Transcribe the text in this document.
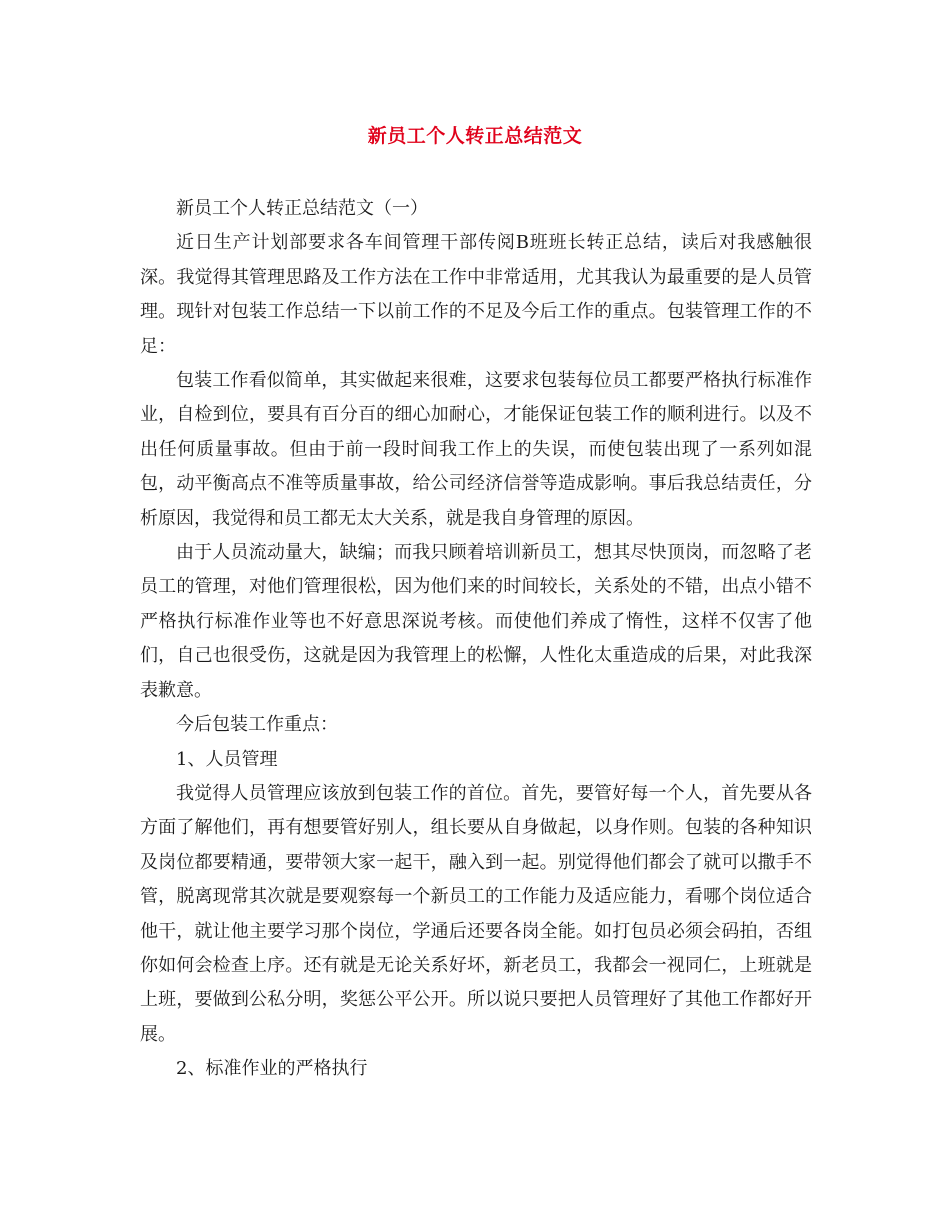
新员工个人转正总结范文

新员工个人转正总结范文（一）

近日生产计划部要求各车间管理干部传阅B班班长转正总结，读后对我感触很深。我觉得其管理思路及工作方法在工作中非常适用，尤其我认为最重要的是人员管理。现针对包装工作总结一下以前工作的不足及今后工作的重点。包装管理工作的不足：

包装工作看似简单，其实做起来很难，这要求包装每位员工都要严格执行标准作业，自检到位，要具有百分百的细心加耐心，才能保证包装工作的顺利进行。以及不出任何质量事故。但由于前一段时间我工作上的失误，而使包装出现了一系列如混包，动平衡高点不准等质量事故，给公司经济信誉等造成影响。事后我总结责任，分析原因，我觉得和员工都无太大关系，就是我自身管理的原因。

由于人员流动量大，缺编；而我只顾着培训新员工，想其尽快顶岗，而忽略了老员工的管理，对他们管理很松，因为他们来的时间较长，关系处的不错，出点小错不严格执行标准作业等也不好意思深说考核。而使他们养成了惰性，这样不仅害了他们，自己也很受伤，这就是因为我管理上的松懈，人性化太重造成的后果，对此我深表歉意。

今后包装工作重点：

1、人员管理

我觉得人员管理应该放到包装工作的首位。首先，要管好每一个人，首先要从各方面了解他们，再有想要管好别人，组长要从自身做起，以身作则。包装的各种知识及岗位都要精通，要带领大家一起干，融入到一起。别觉得他们都会了就可以撒手不管，脱离现常其次就是要观察每一个新员工的工作能力及适应能力，看哪个岗位适合他干，就让他主要学习那个岗位，学通后还要各岗全能。如打包员必须会码拍，否组你如何会检查上序。还有就是无论关系好坏，新老员工，我都会一视同仁，上班就是上班，要做到公私分明，奖惩公平公开。所以说只要把人员管理好了其他工作都好开展。

2、标准作业的严格执行
